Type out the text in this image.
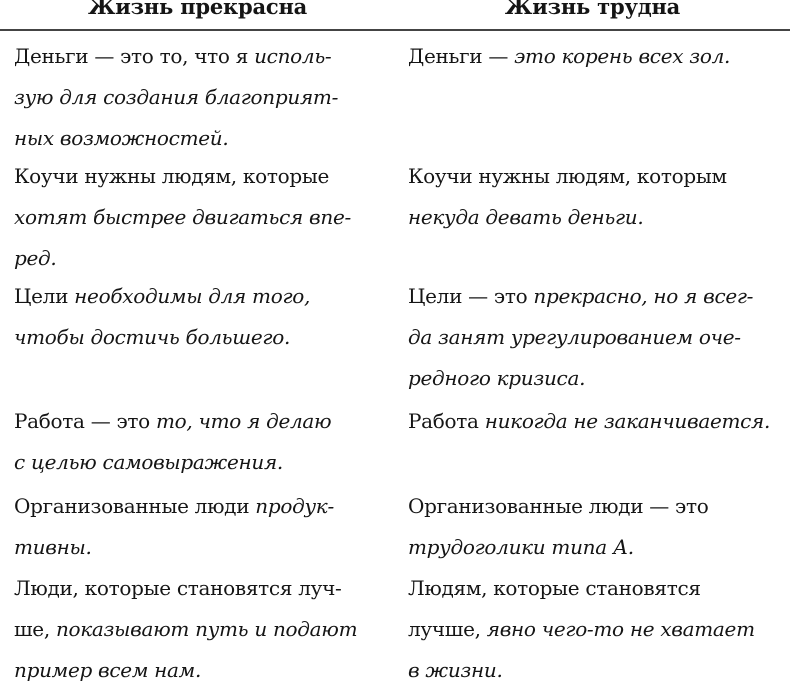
Жизнь прекрасна	Жизнь трудна
Деньги — это то, что я исполь-
зую для создания благоприят-
ных возможностей.
Деньги — это корень всех зол.
Коучи нужны людям, которые
хотят быстрее двигаться впе-
ред.
Коучи нужны людям, которым
некуда девать деньги.
Цели необходимы для того,
чтобы достичь большего.
Цели — это прекрасно, но я всег-
да занят урегулированием оче-
редного кризиса.
Работа — это то, что я делаю
с целью самовыражения.
Работа никогда не заканчивается.
Организованные люди продук-
тивны.
Организованные люди — это
трудоголики типа А.
Люди, которые становятся луч-
ше, показывают путь и подают
пример всем нам.
Людям, которые становятся
лучше, явно чего-то не хватает
в жизни.
